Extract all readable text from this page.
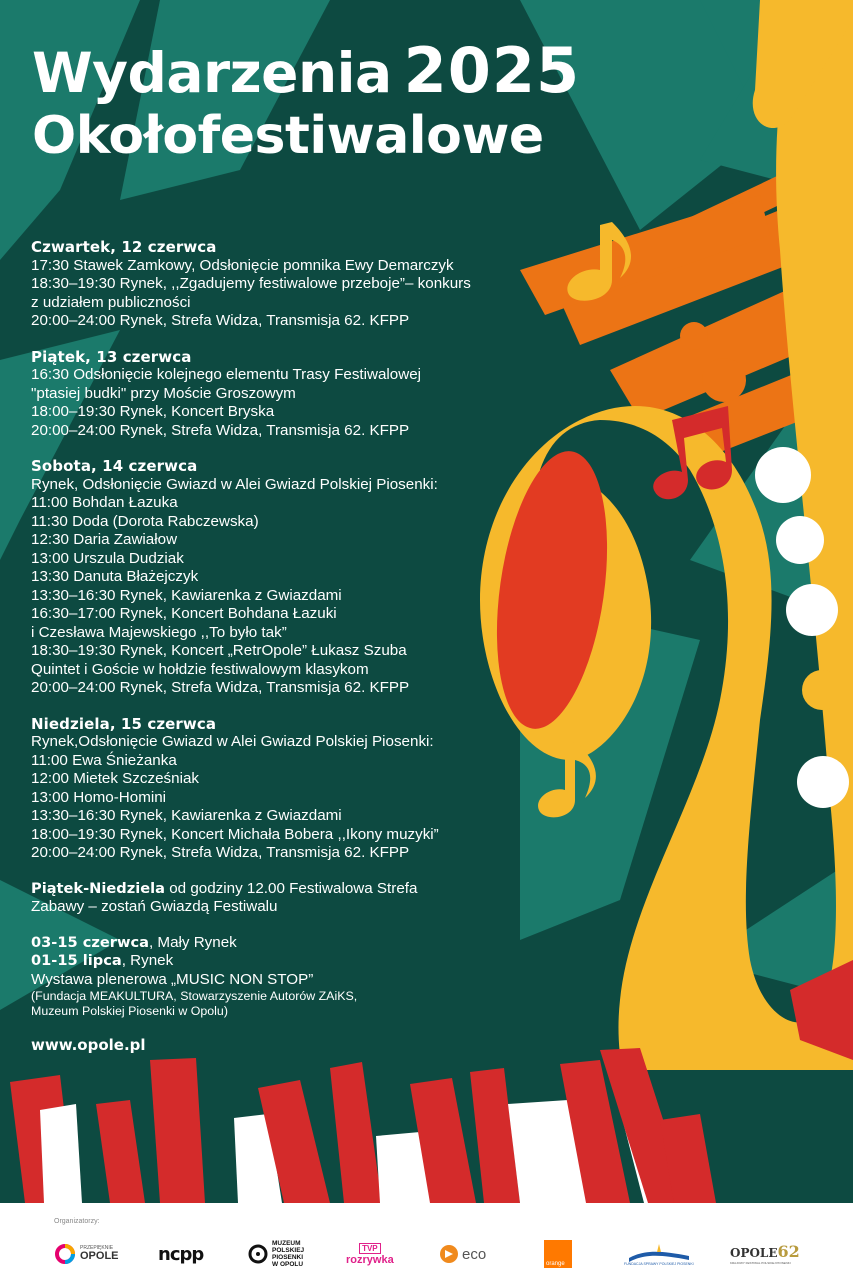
Wydarzenia 2025
Okołofestiwalowe
Czwartek, 12 czerwca
17:30 Stawek Zamkowy, Odsłonięcie pomnika Ewy Demarczyk
18:30–19:30 Rynek, ,,Zgadujemy festiwalowe przeboje”– konkurs
z udziałem publiczności
20:00–24:00 Rynek, Strefa Widza, Transmisja 62. KFPP
Piątek, 13 czerwca
16:30 Odsłonięcie kolejnego elementu Trasy Festiwalowej
"ptasiej budki" przy Moście Groszowym
18:00–19:30 Rynek, Koncert Bryska
20:00–24:00 Rynek, Strefa Widza, Transmisja 62. KFPP
Sobota, 14 czerwca
Rynek, Odsłonięcie Gwiazd w Alei Gwiazd Polskiej Piosenki:
11:00 Bohdan Łazuka
11:30 Doda (Dorota Rabczewska)
12:30 Daria Zawiałow
13:00 Urszula Dudziak
13:30 Danuta Błażejczyk
13:30–16:30 Rynek, Kawiarenka z Gwiazdami
16:30–17:00 Rynek, Koncert Bohdana Łazuki
i Czesława Majewskiego ,,To było tak”
18:30–19:30 Rynek, Koncert „RetrOpole” Łukasz Szuba
Quintet i Goście w hołdzie festiwalowym klasykom
20:00–24:00 Rynek, Strefa Widza, Transmisja 62. KFPP
Niedziela, 15 czerwca
Rynek,Odsłonięcie Gwiazd w Alei Gwiazd Polskiej Piosenki:
11:00 Ewa Śnieżanka
12:00 Mietek Szcześniak
13:00 Homo-Homini
13:30–16:30 Rynek, Kawiarenka z Gwiazdami
18:00–19:30 Rynek, Koncert Michała Bobera ,,Ikony muzyki”
20:00–24:00 Rynek, Strefa Widza, Transmisja 62. KFPP
Piątek-Niedziela od godziny 12.00 Festiwalowa Strefa
Zabawy – zostań Gwiazdą Festiwalu
03-15 czerwca, Mały Rynek
01-15 lipca, Rynek
Wystawa plenerowa „MUSIC NON STOP”
(Fundacja MEAKULTURA, Stowarzyszenie Autorów ZAiKS,
Muzeum Polskiej Piosenki w Opolu)
www.opole.pl
Organizatorzy:
PRZEPIĘKNIE
OPOLE ncpp	MUZEUM
POLSKIEJ
PIOSENKI
W OPOLU
TVP
rozrywka	eco
orange	FUNDACJA SPRAWY POLSKIEJ PIOSENKI
OPOLE62
KRAJOWY FESTIWAL POLSKIEJ PIOSENKI
